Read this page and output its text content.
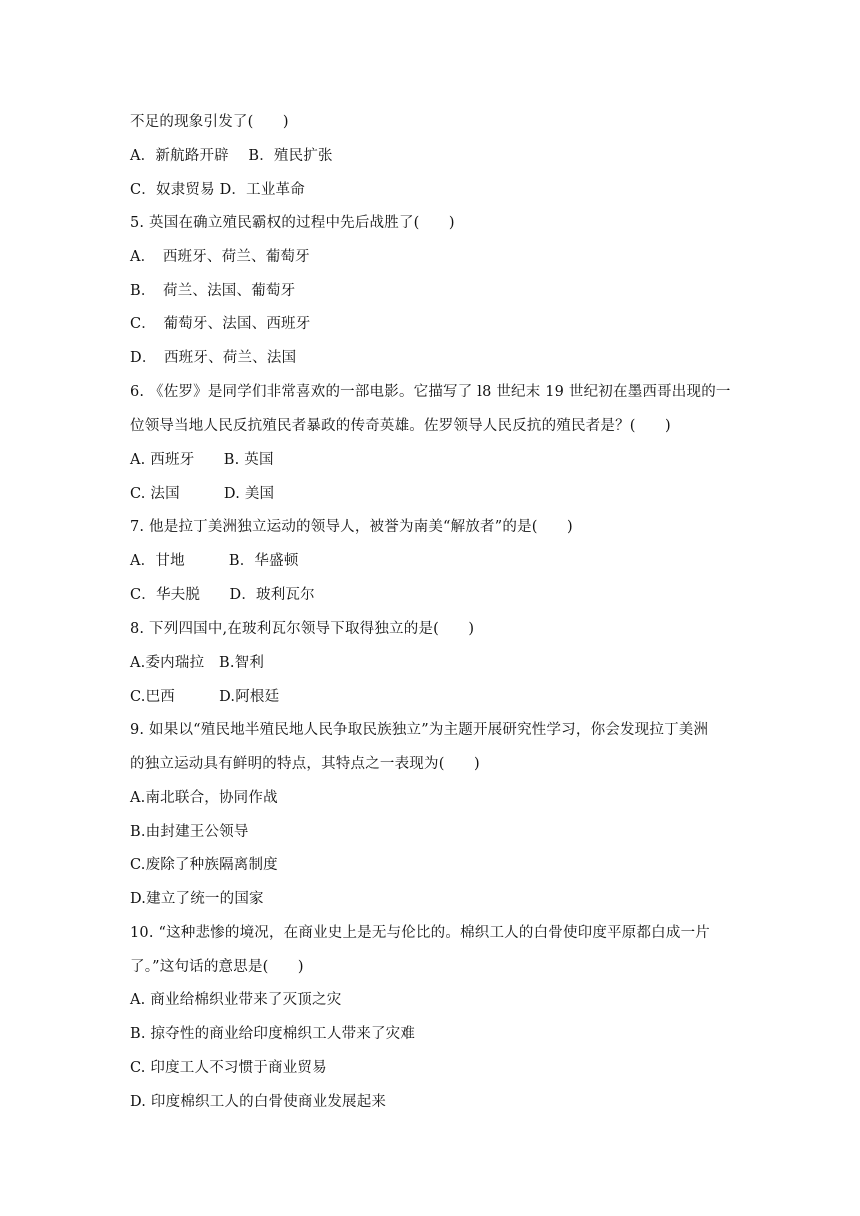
不足的现象引发了(　　)
A．新航路开辟　 B．殖民扩张
C．奴隶贸易 D．工业革命
5. 英国在确立殖民霸权的过程中先后战胜了(　　)
A．　西班牙、荷兰、葡萄牙
B．　荷兰、法国、葡萄牙
C．　葡萄牙、法国、西班牙
D．　西班牙、荷兰、法国
6. 《佐罗》是同学们非常喜欢的一部电影。它描写了 l8 世纪末 19 世纪初在墨西哥出现的一
位领导当地人民反抗殖民者暴政的传奇英雄。佐罗领导人民反抗的殖民者是？(　　)
A. 西班牙　　B. 英国
C. 法国　　　D. 美国
7. 他是拉丁美洲独立运动的领导人，被誉为南美“解放者”的是(　　)
A．甘地　　　B．华盛顿
C．华夫脱　　D．玻利瓦尔
8. 下列四国中,在玻利瓦尔领导下取得独立的是(　　)
A.委内瑞拉　B.智利
C.巴西　　　D.阿根廷
9. 如果以“殖民地半殖民地人民争取民族独立”为主题开展研究性学习，你会发现拉丁美洲
的独立运动具有鲜明的特点，其特点之一表现为(　　)
A.南北联合，协同作战
B.由封建王公领导
C.废除了种族隔离制度
D.建立了统一的国家
10. “这种悲惨的境况，在商业史上是无与伦比的。棉织工人的白骨使印度平原都白成一片
了。”这句话的意思是(　　)
A. 商业给棉织业带来了灭顶之灾
B. 掠夺性的商业给印度棉织工人带来了灾难
C. 印度工人不习惯于商业贸易
D. 印度棉织工人的白骨使商业发展起来
